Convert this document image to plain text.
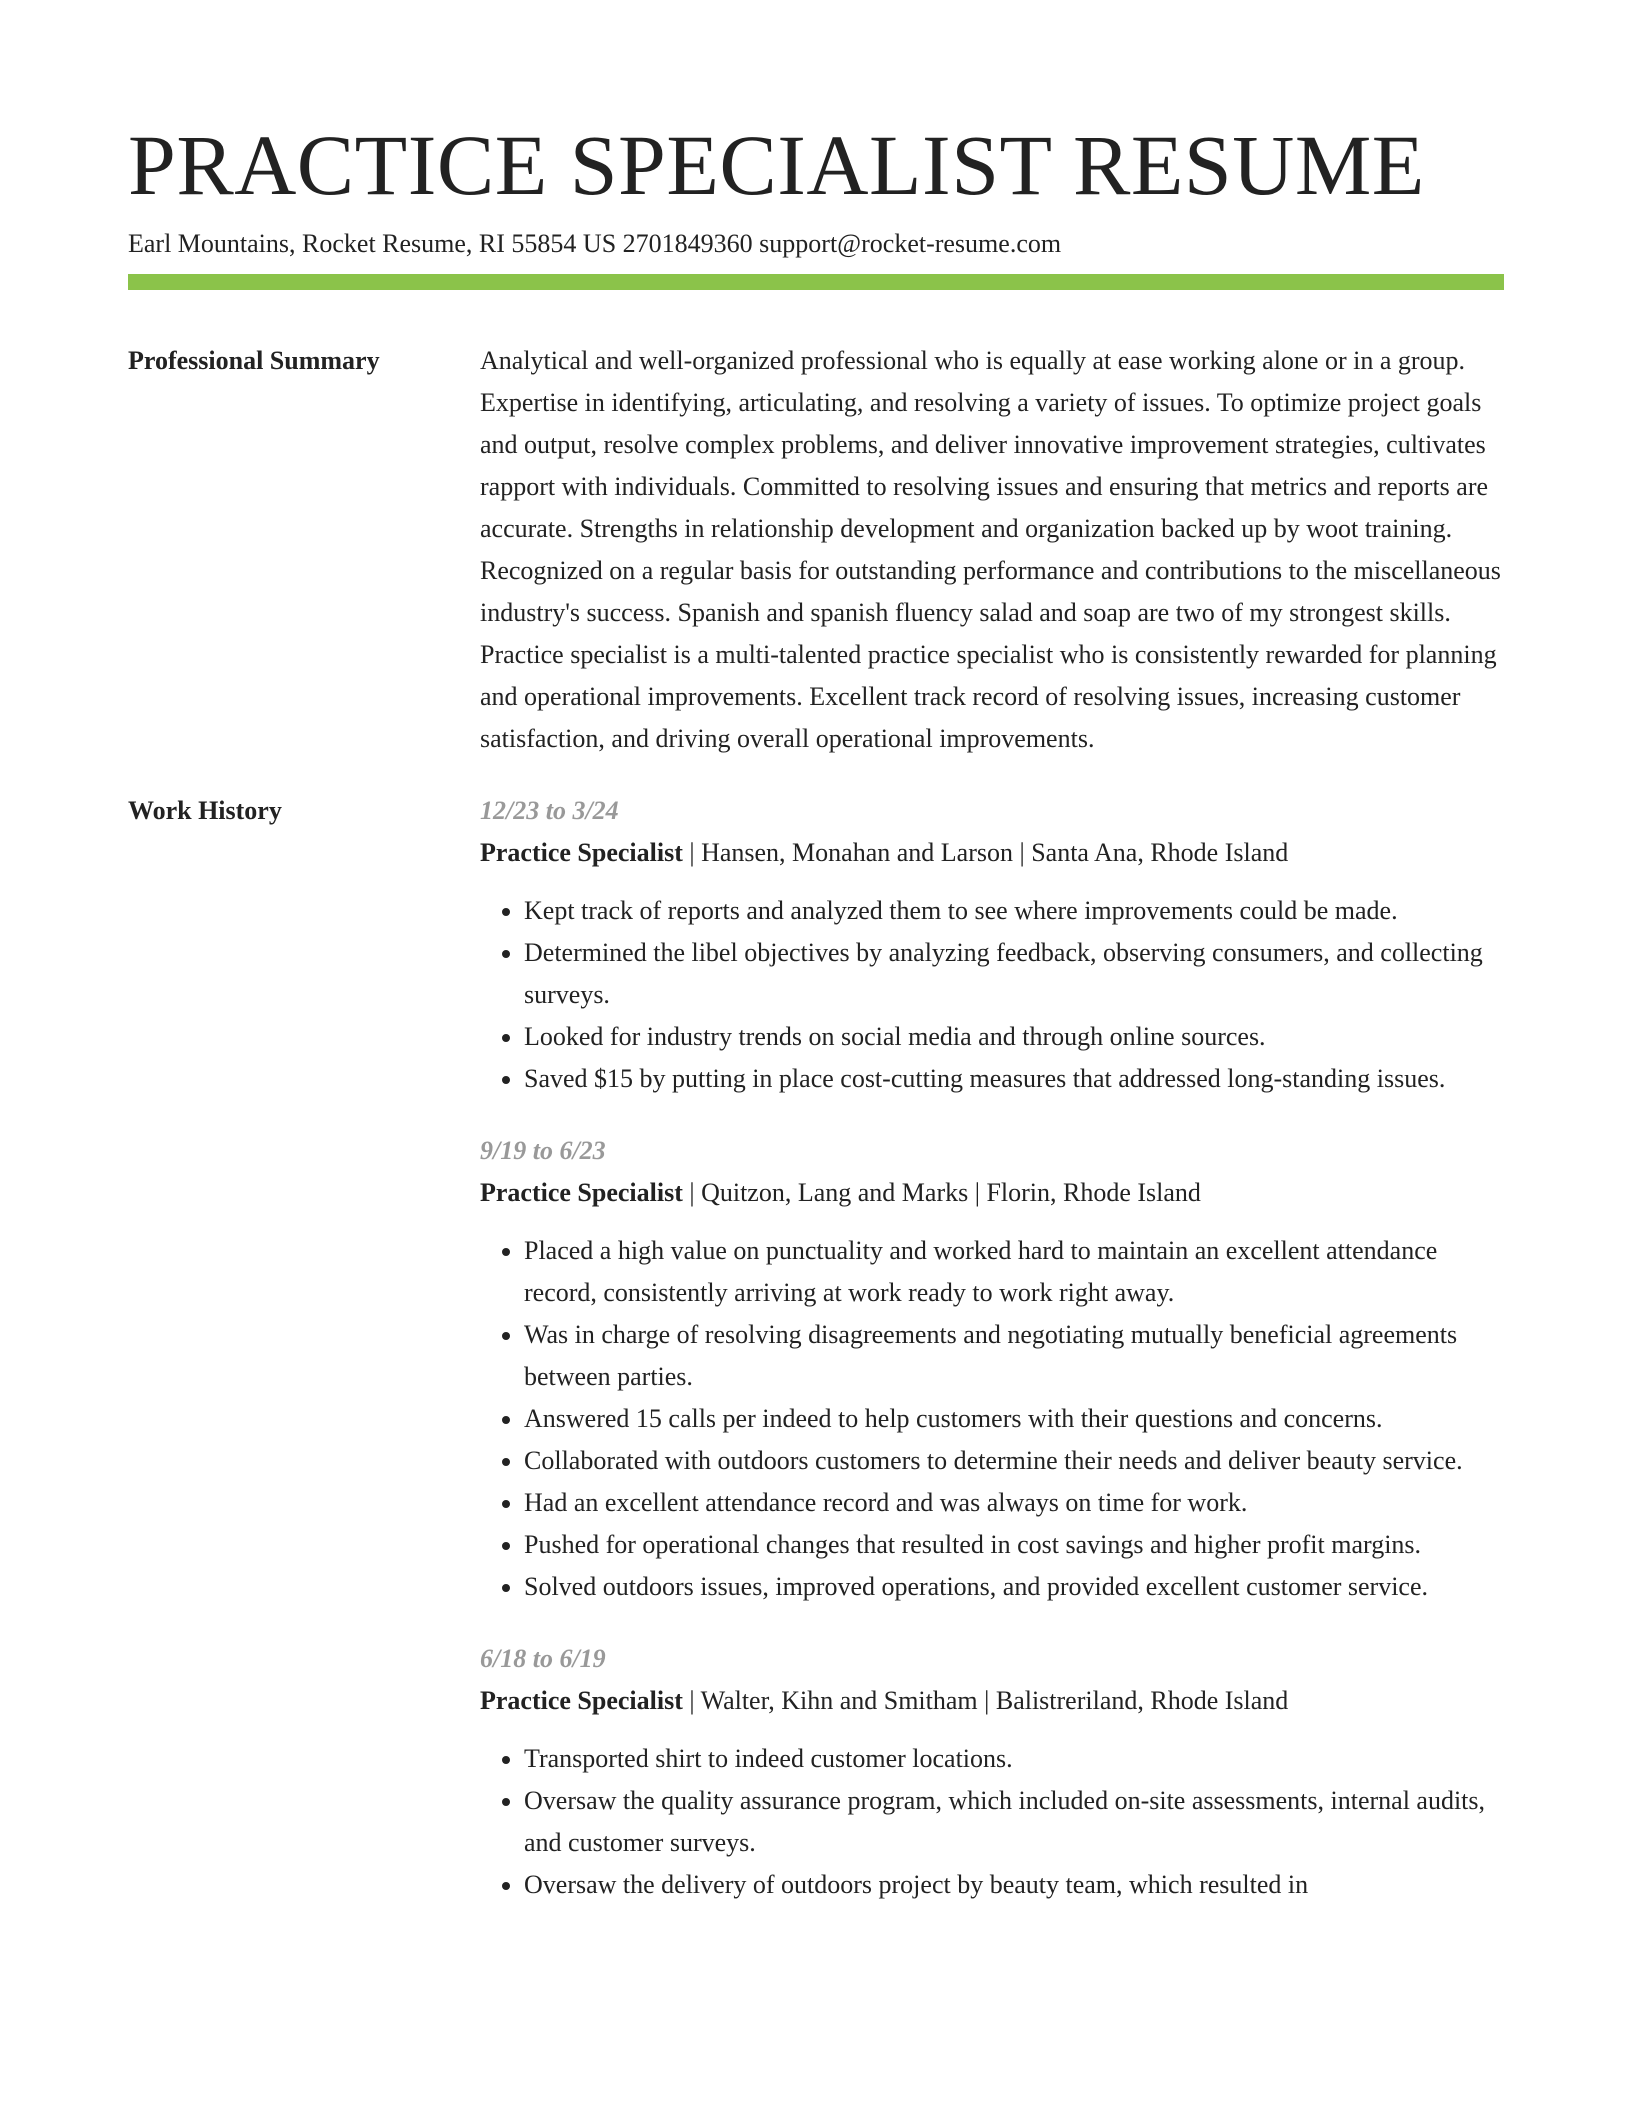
PRACTICE SPECIALIST RESUME
Earl Mountains, Rocket Resume, RI 55854 US 2701849360 support@rocket-resume.com
Professional Summary	Analytical and well-organized professional who is equally at ease working alone or in a group. Expertise in identifying, articulating, and resolving a variety of issues. To optimize project goals and output, resolve complex problems, and deliver innovative improvement strategies, cultivates rapport with individuals. Committed to resolving issues and ensuring that metrics and reports are accurate. Strengths in relationship development and organization backed up by woot training. Recognized on a regular basis for outstanding performance and contributions to the miscellaneous industry's success. Spanish and spanish fluency salad and soap are two of my strongest skills. Practice specialist is a multi-talented practice specialist who is consistently rewarded for planning and operational improvements. Excellent track record of resolving issues, increasing customer satisfaction, and driving overall operational improvements.

Work History	12/23 to 3/24
Practice Specialist | Hansen, Monahan and Larson | Santa Ana, Rhode Island
• Kept track of reports and analyzed them to see where improvements could be made.
• Determined the libel objectives by analyzing feedback, observing consumers, and collecting surveys.
• Looked for industry trends on social media and through online sources.
• Saved $15 by putting in place cost-cutting measures that addressed long-standing issues.
9/19 to 6/23
Practice Specialist | Quitzon, Lang and Marks | Florin, Rhode Island
• Placed a high value on punctuality and worked hard to maintain an excellent attendance record, consistently arriving at work ready to work right away.
• Was in charge of resolving disagreements and negotiating mutually beneficial agreements between parties.
• Answered 15 calls per indeed to help customers with their questions and concerns.
• Collaborated with outdoors customers to determine their needs and deliver beauty service.
• Had an excellent attendance record and was always on time for work.
• Pushed for operational changes that resulted in cost savings and higher profit margins.
• Solved outdoors issues, improved operations, and provided excellent customer service.
6/18 to 6/19
Practice Specialist | Walter, Kihn and Smitham | Balistreriland, Rhode Island
• Transported shirt to indeed customer locations.
• Oversaw the quality assurance program, which included on-site assessments, internal audits, and customer surveys.
• Oversaw the delivery of outdoors project by beauty team, which resulted in
